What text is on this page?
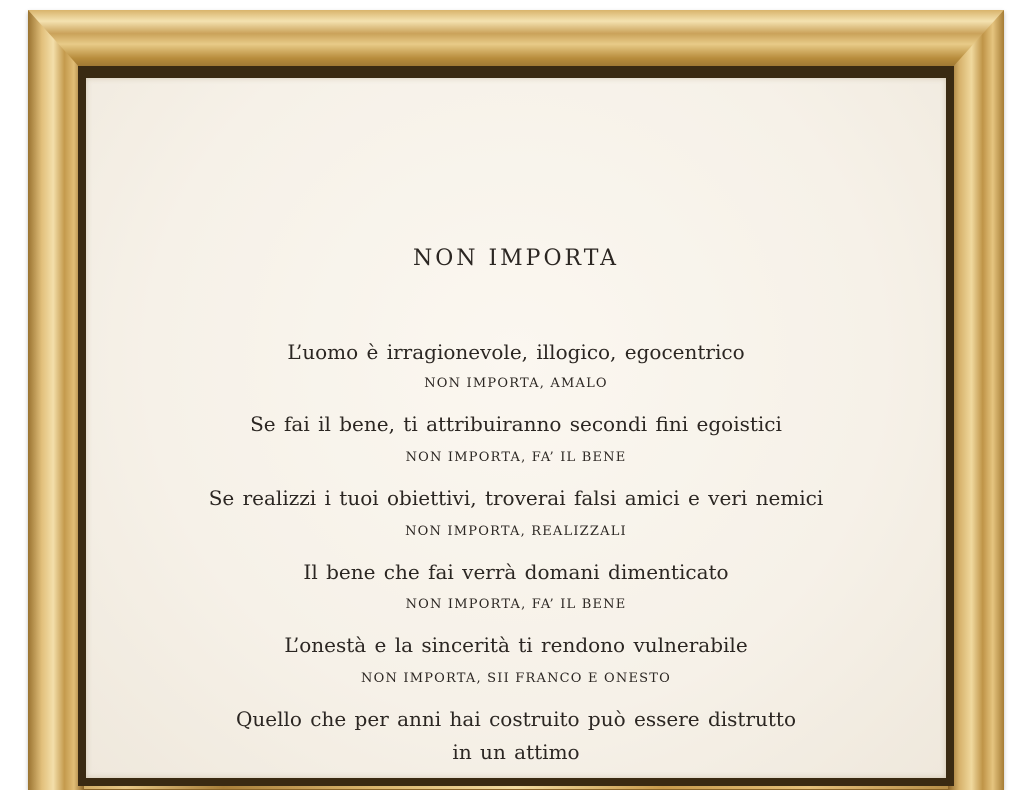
NON IMPORTA
L’uomo è irragionevole, illogico, egocentrico
NON IMPORTA, AMALO
Se fai il bene, ti attribuiranno secondi fini egoistici
NON IMPORTA, FA’ IL BENE
Se realizzi i tuoi obiettivi, troverai falsi amici e veri nemici
NON IMPORTA, REALIZZALI
Il bene che fai verrà domani dimenticato
NON IMPORTA, FA’ IL BENE
L’onestà e la sincerità ti rendono vulnerabile
NON IMPORTA, SII FRANCO E ONESTO
Quello che per anni hai costruito può essere distrutto
in un attimo
